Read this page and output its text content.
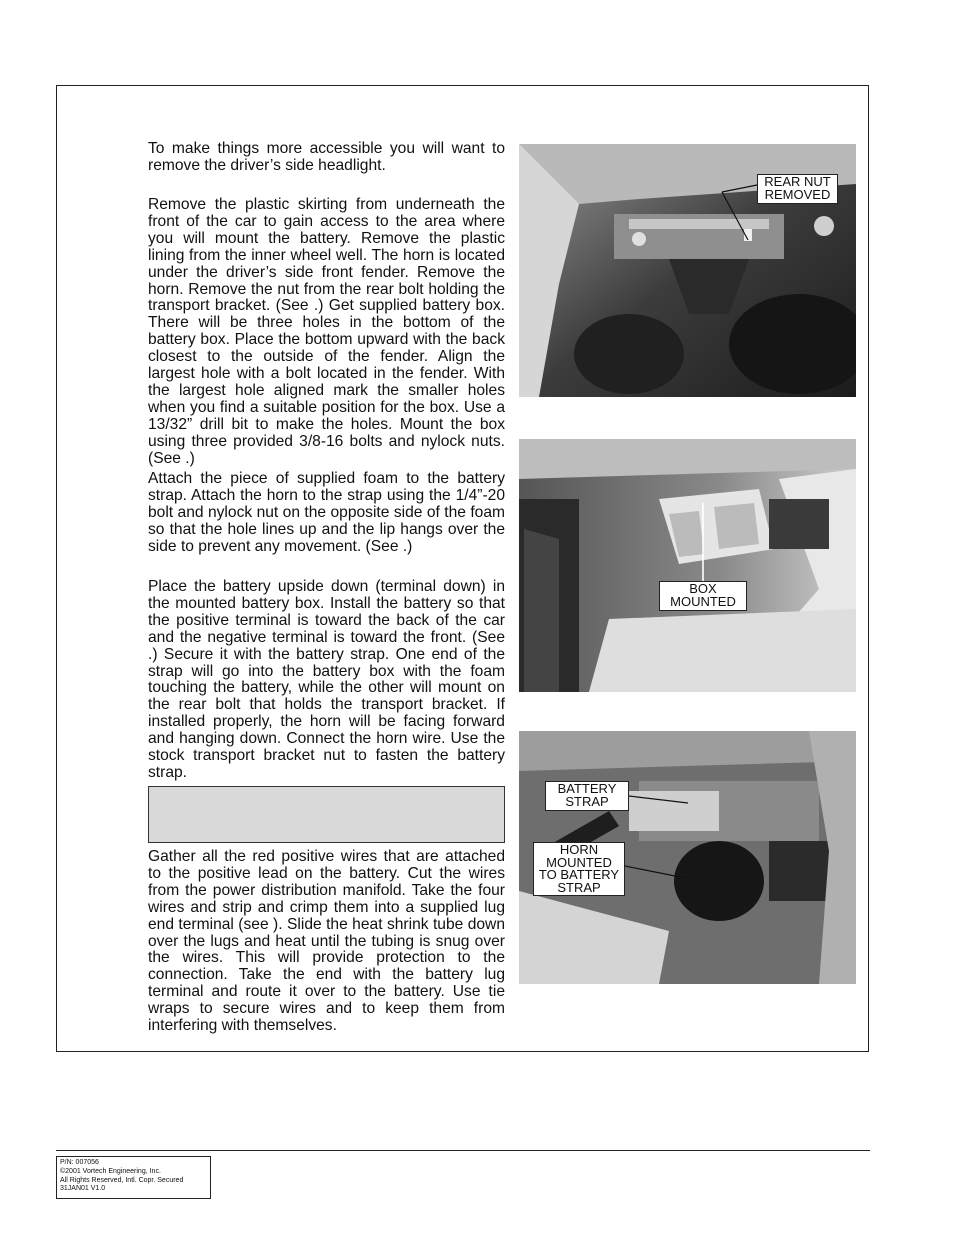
To make things more accessible you will want to remove the driver’s side headlight.

Remove the plastic skirting from underneath the front of the car to gain access to the area where you will mount the battery. Remove the plastic lining from the inner wheel well. The horn is located under the driver’s side front fender. Remove the horn. Remove the nut from the rear bolt holding the transport bracket. (See .) Get supplied battery box. There will be three holes in the bottom of the battery box. Place the bottom upward with the back closest to the outside of the fender. Align the largest hole with a bolt located in the fender. With the largest hole aligned mark the smaller holes when you find a suitable position for the box. Use a 13/32” drill bit to make the holes. Mount the box using three provided 3/8-16 bolts and nylock nuts. (See .)

Attach the piece of supplied foam to the battery strap. Attach the horn to the strap using the 1/4”-20 bolt and nylock nut on the opposite side of the foam so that the hole lines up and the lip hangs over the side to prevent any movement. (See .)

Place the battery upside down (terminal down) in the mounted battery box. Install the battery so that the positive terminal is toward the back of the car and the negative terminal is toward the front. (See .) Secure it with the battery strap. One end of the strap will go into the battery box with the foam touching the battery, while the other will mount on the rear bolt that holds the transport bracket. If installed properly, the horn will be facing forward and hanging down. Connect the horn wire. Use the stock transport bracket nut to fasten the battery strap.

Gather all the red positive wires that are attached to the positive lead on the battery. Cut the wires from the power distribution manifold. Take the four wires and strip and crimp them into a supplied lug end terminal (see ). Slide the heat shrink tube down over the lugs and heat until the tubing is snug over the wires. This will provide protection to the connection. Take the end with the battery lug terminal and route it over to the battery. Use tie wraps to secure wires and to keep them from interfering with themselves.

REAR NUT
REMOVED
BOX
MOUNTED
BATTERY
STRAP
HORN
MOUNTED
TO BATTERY
STRAP
P/N: 007056
©2001 Vortech Engineering, Inc.
All Rights Reserved, Intl. Copr. Secured
31JAN01 V1.0
